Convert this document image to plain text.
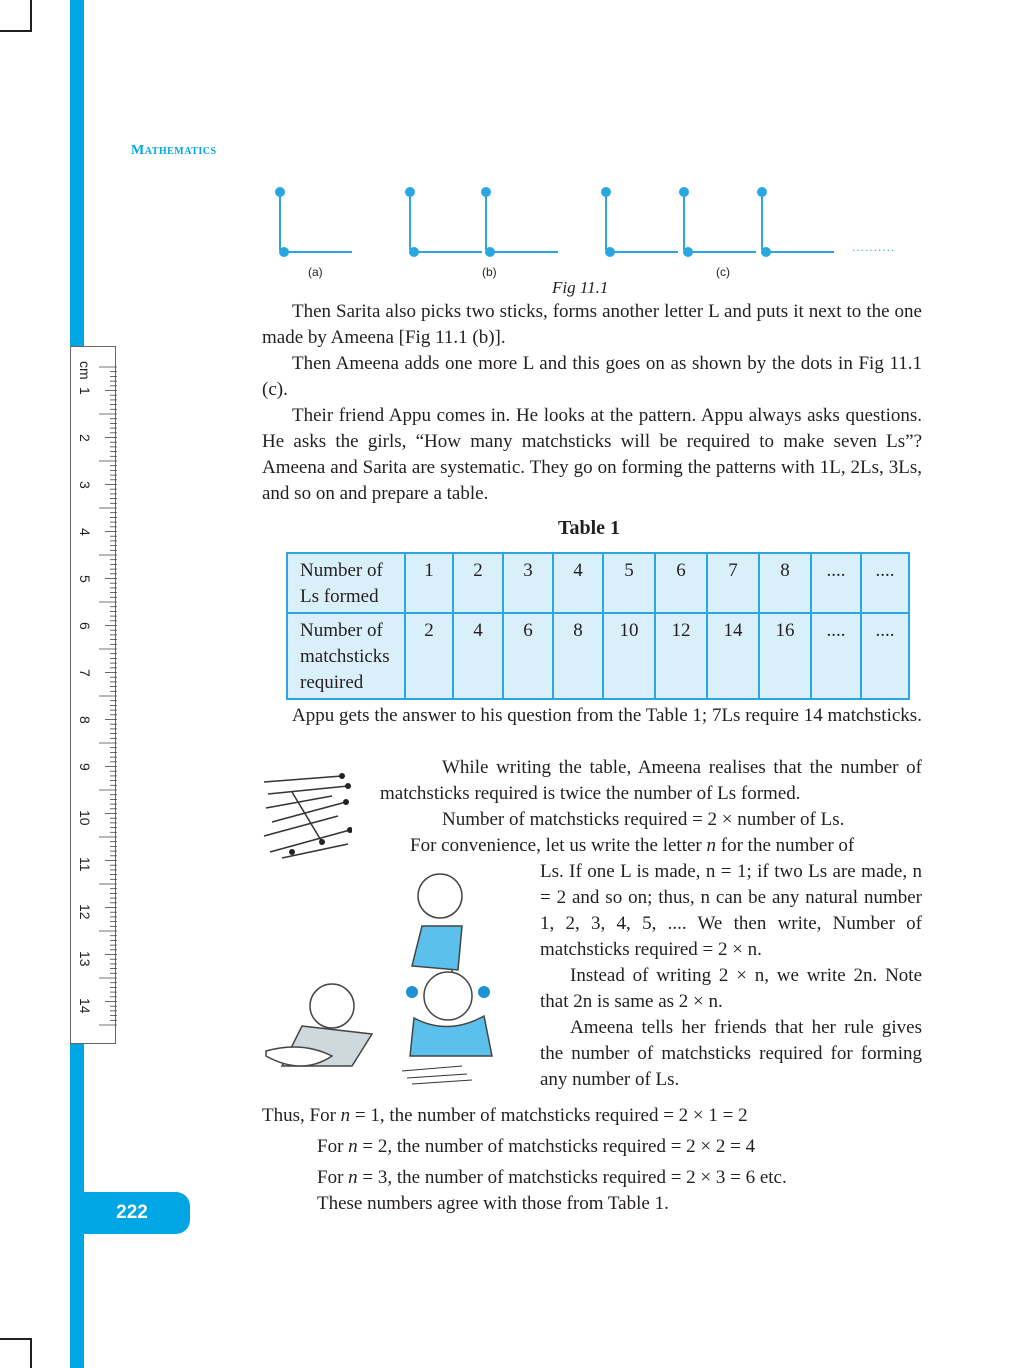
cm
1
2
3
4
5
6
7
8
9
10
11
12
13
14
Mathematics
..........
(a)	(b)	(c)
Fig 11.1

Then Sarita also picks two sticks, forms another letter L and puts it next to the one made by Ameena [Fig 11.1 (b)].

Then Ameena adds one more L and this goes on as shown by the dots in Fig 11.1 (c).

Their friend Appu comes in. He looks at the pattern. Appu always asks questions. He asks the girls, “How many matchsticks will be required to make seven Ls”? Ameena and Sarita are systematic. They go on forming the patterns with 1L, 2Ls, 3Ls, and so on and prepare a table.

Table 1
Number of Ls formed	1	2	3	4	5	6	7	8	....	....
Number of matchsticks required	2	4	6	8	10	12	14	16	....	....

Appu gets the answer to his question from the Table 1; 7Ls require 14 matchsticks.

While writing the table, Ameena realises that the number of matchsticks required is twice the number of Ls formed.

Number of matchsticks required = 2 × number of Ls.

For convenience, let us write the letter n for the number of

Ls. If one L is made, n = 1; if two Ls are made, n = 2 and so on; thus, n can be any natural number 1, 2, 3, 4, 5, .... We then write, Number of matchsticks required = 2 × n.

Instead of writing 2 × n, we write 2n. Note that 2n is same as 2 × n.

Ameena tells her friends that her rule gives the number of matchsticks required for forming any number of Ls.

Thus, For n = 1, the number of matchsticks required = 2 × 1 = 2

For n = 2, the number of matchsticks required = 2 × 2 = 4

For n = 3, the number of matchsticks required = 2 × 3 = 6 etc.

These numbers agree with those from Table 1.

222
